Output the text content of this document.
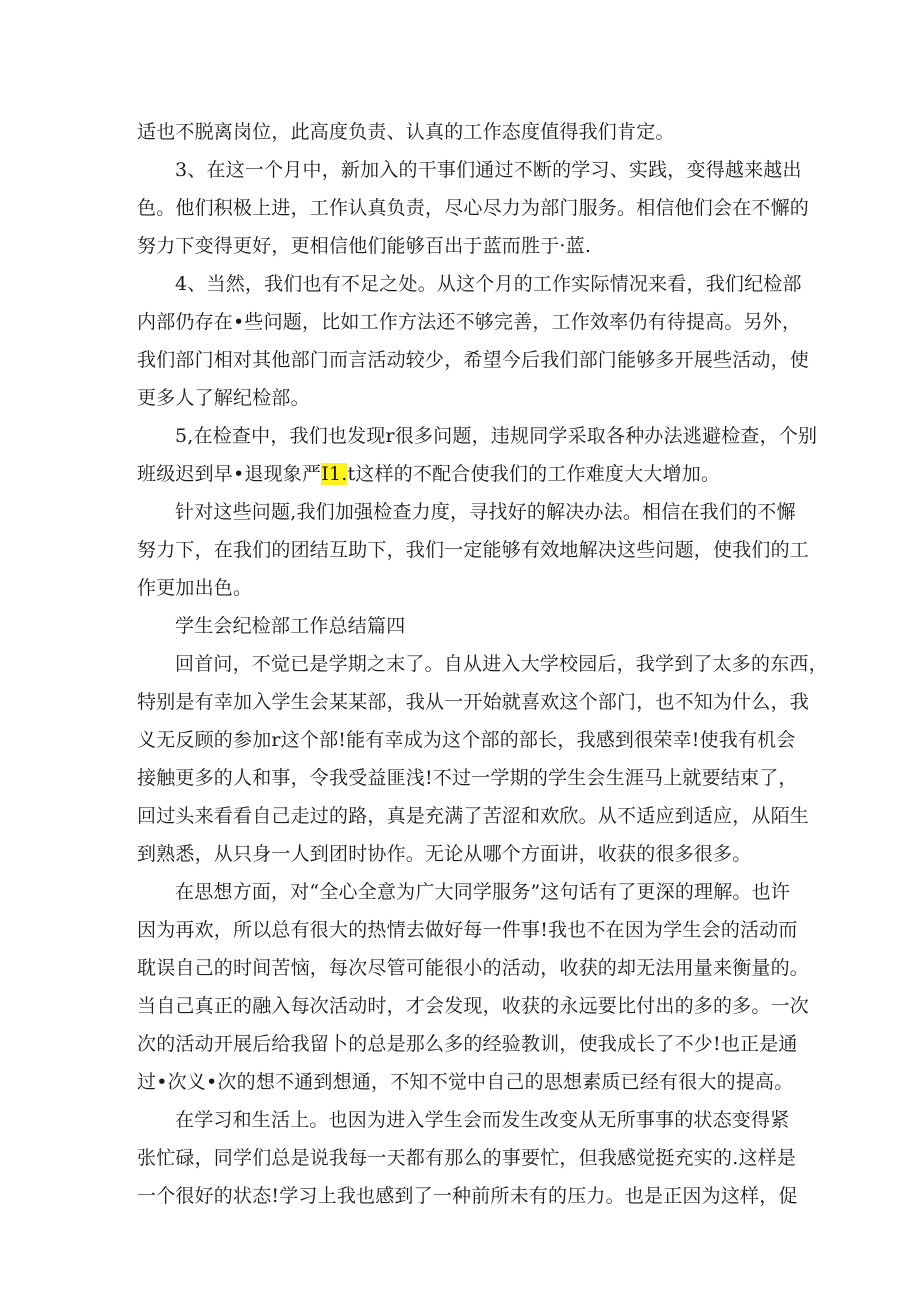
适也不脱离岗位，此高度负责、认真的工作态度值得我们肯定。
3、在这一个月中，新加入的干事们通过不断的学习、实践，变得越来越出
色。他们积极上进，工作认真负责，尽心尽力为部门服务。相信他们会在不懈的
努力下变得更好，更相信他们能够百出于蓝而胜于·蓝.
4、当然，我们也有不足之处。从这个月的工作实际情况来看，我们纪检部
内部仍存在•些问题，比如工作方法还不够完善，工作效率仍有待提高。另外，
我们部门相对其他部门而言活动较少，希望今后我们部门能够多开展些活动，使
更多人了解纪检部。
5,在检查中，我们也发现r很多问题，违规同学采取各种办法逃避检查，个别
班级迟到早•退现象严I1.t这样的不配合使我们的工作难度大大增加。
针对这些问题,我们加强检查力度，寻找好的解决办法。相信在我们的不懈
努力下，在我们的团结互助下，我们一定能够有效地解决这些问题，使我们的工
作更加出色。
学生会纪检部工作总结篇四
回首问，不觉已是学期之末了。自从进入大学校园后，我学到了太多的东西，
特别是有幸加入学生会某某部，我从一开始就喜欢这个部门，也不知为什么，我
义无反顾的参加r这个部!能有幸成为这个部的部长，我感到很荣幸!使我有机会
接触更多的人和事，令我受益匪浅!不过一学期的学生会生涯马上就要结束了，
回过头来看看自己走过的路，真是充满了苦涩和欢欣。从不适应到适应，从陌生
到熟悉，从只身一人到团时协作。无论从哪个方面讲，收获的很多很多。
在思想方面，对“全心全意为广大同学服务”这句话有了更深的理解。也许
因为再欢，所以总有很大的热情去做好每一件事!我也不在因为学生会的活动而
耽误自己的时间苦恼，每次尽管可能很小的活动，收获的却无法用量来衡量的。
当自己真正的融入每次活动时，才会发现，收获的永远要比付出的多的多。一次
次的活动开展后给我留卜的总是那么多的经验教训，使我成长了不少!也正是通
过•次义•次的想不通到想通，不知不觉中自己的思想素质已经有很大的提高。
在学习和生活上。也因为进入学生会而发生改变从无所事事的状态变得紧
张忙碌，同学们总是说我每一天都有那么的事要忙，但我感觉挺充实的.这样是
一个很好的状态!学习上我也感到了一种前所未有的压力。也是正因为这样，促
